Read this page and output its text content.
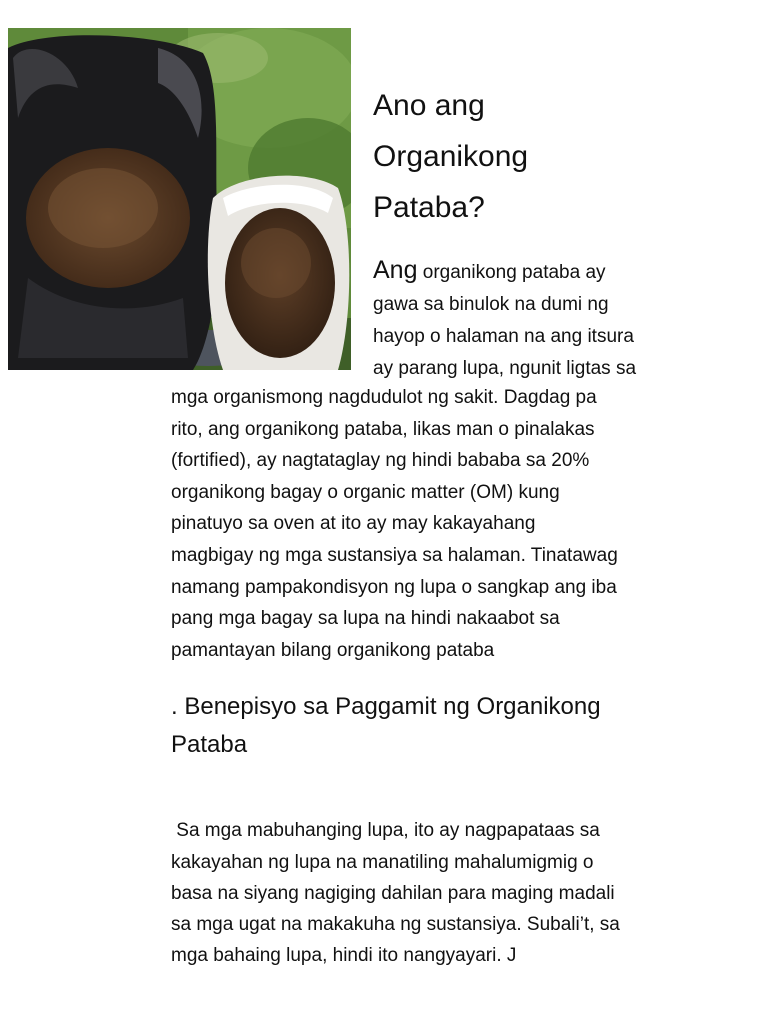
Ano ang
Organikong
Pataba?
Ang organikong pataba ay
gawa sa binulok na dumi ng
hayop o halaman na ang itsura
ay parang lupa, ngunit ligtas sa
mga organismong nagdudulot ng sakit. Dagdag pa
rito, ang organikong pataba, likas man o pinalakas
(fortified), ay nagtataglay ng hindi bababa sa 20%
organikong bagay o organic matter (OM) kung
pinatuyo sa oven at ito ay may kakayahang
magbigay ng mga sustansiya sa halaman. Tinatawag
namang pampakondisyon ng lupa o sangkap ang iba
pang mga bagay sa lupa na hindi nakaabot sa
pamantayan bilang organikong pataba
. Benepisyo sa Paggamit ng Organikong
Pataba

Sa mga mabuhanging lupa, ito ay nagpapataas sa
kakayahan ng lupa na manatiling mahalumigmig o
basa na siyang nagiging dahilan para maging madali
sa mga ugat na makakuha ng sustansiya. Subali’t, sa
mga bahaing lupa, hindi ito nangyayari. J
